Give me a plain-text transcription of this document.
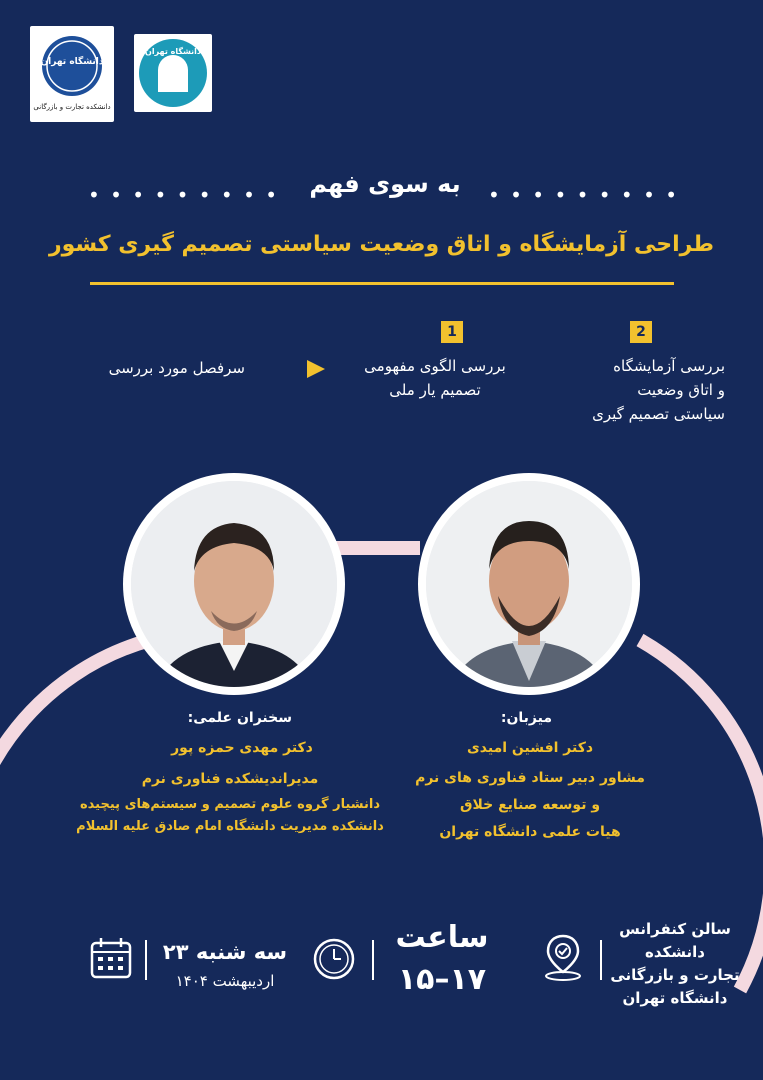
دانشگاه تهران
دانشکده تجارت و بازرگانی
دانشگاه تهران
• • • • • • • • •	به سوی فهم	• • • • • • • • •
طراحی آزمایشگاه و اتاق وضعیت سیاستی تصمیم گیری کشور
2
بررسی آزمایشگاه
و اتاق وضعیت
سیاستی تصمیم گیری
1
بررسی الگوی مفهومی
تصمیم یار ملی
سرفصل مورد بررسی
میزبان:
دکتر افشین امیدی
مشاور دبیر ستاد فناوری های نرم
و توسعه صنایع خلاق
هیات علمی دانشگاه تهران
سخنران علمی:
دکتر مهدی حمزه پور
مدیراندیشکده فناوری نرم
دانشیار گروه علوم تصمیم و سیستم‌های پیچیده
دانشکده مدیریت دانشگاه امام صادق علیه السلام
سالن کنفرانس
دانشکده
تجارت و بازرگانی
دانشگاه تهران
ساعت
۱۵–۱۷
سه شنبه ۲۳
اردیبهشت ۱۴۰۴
